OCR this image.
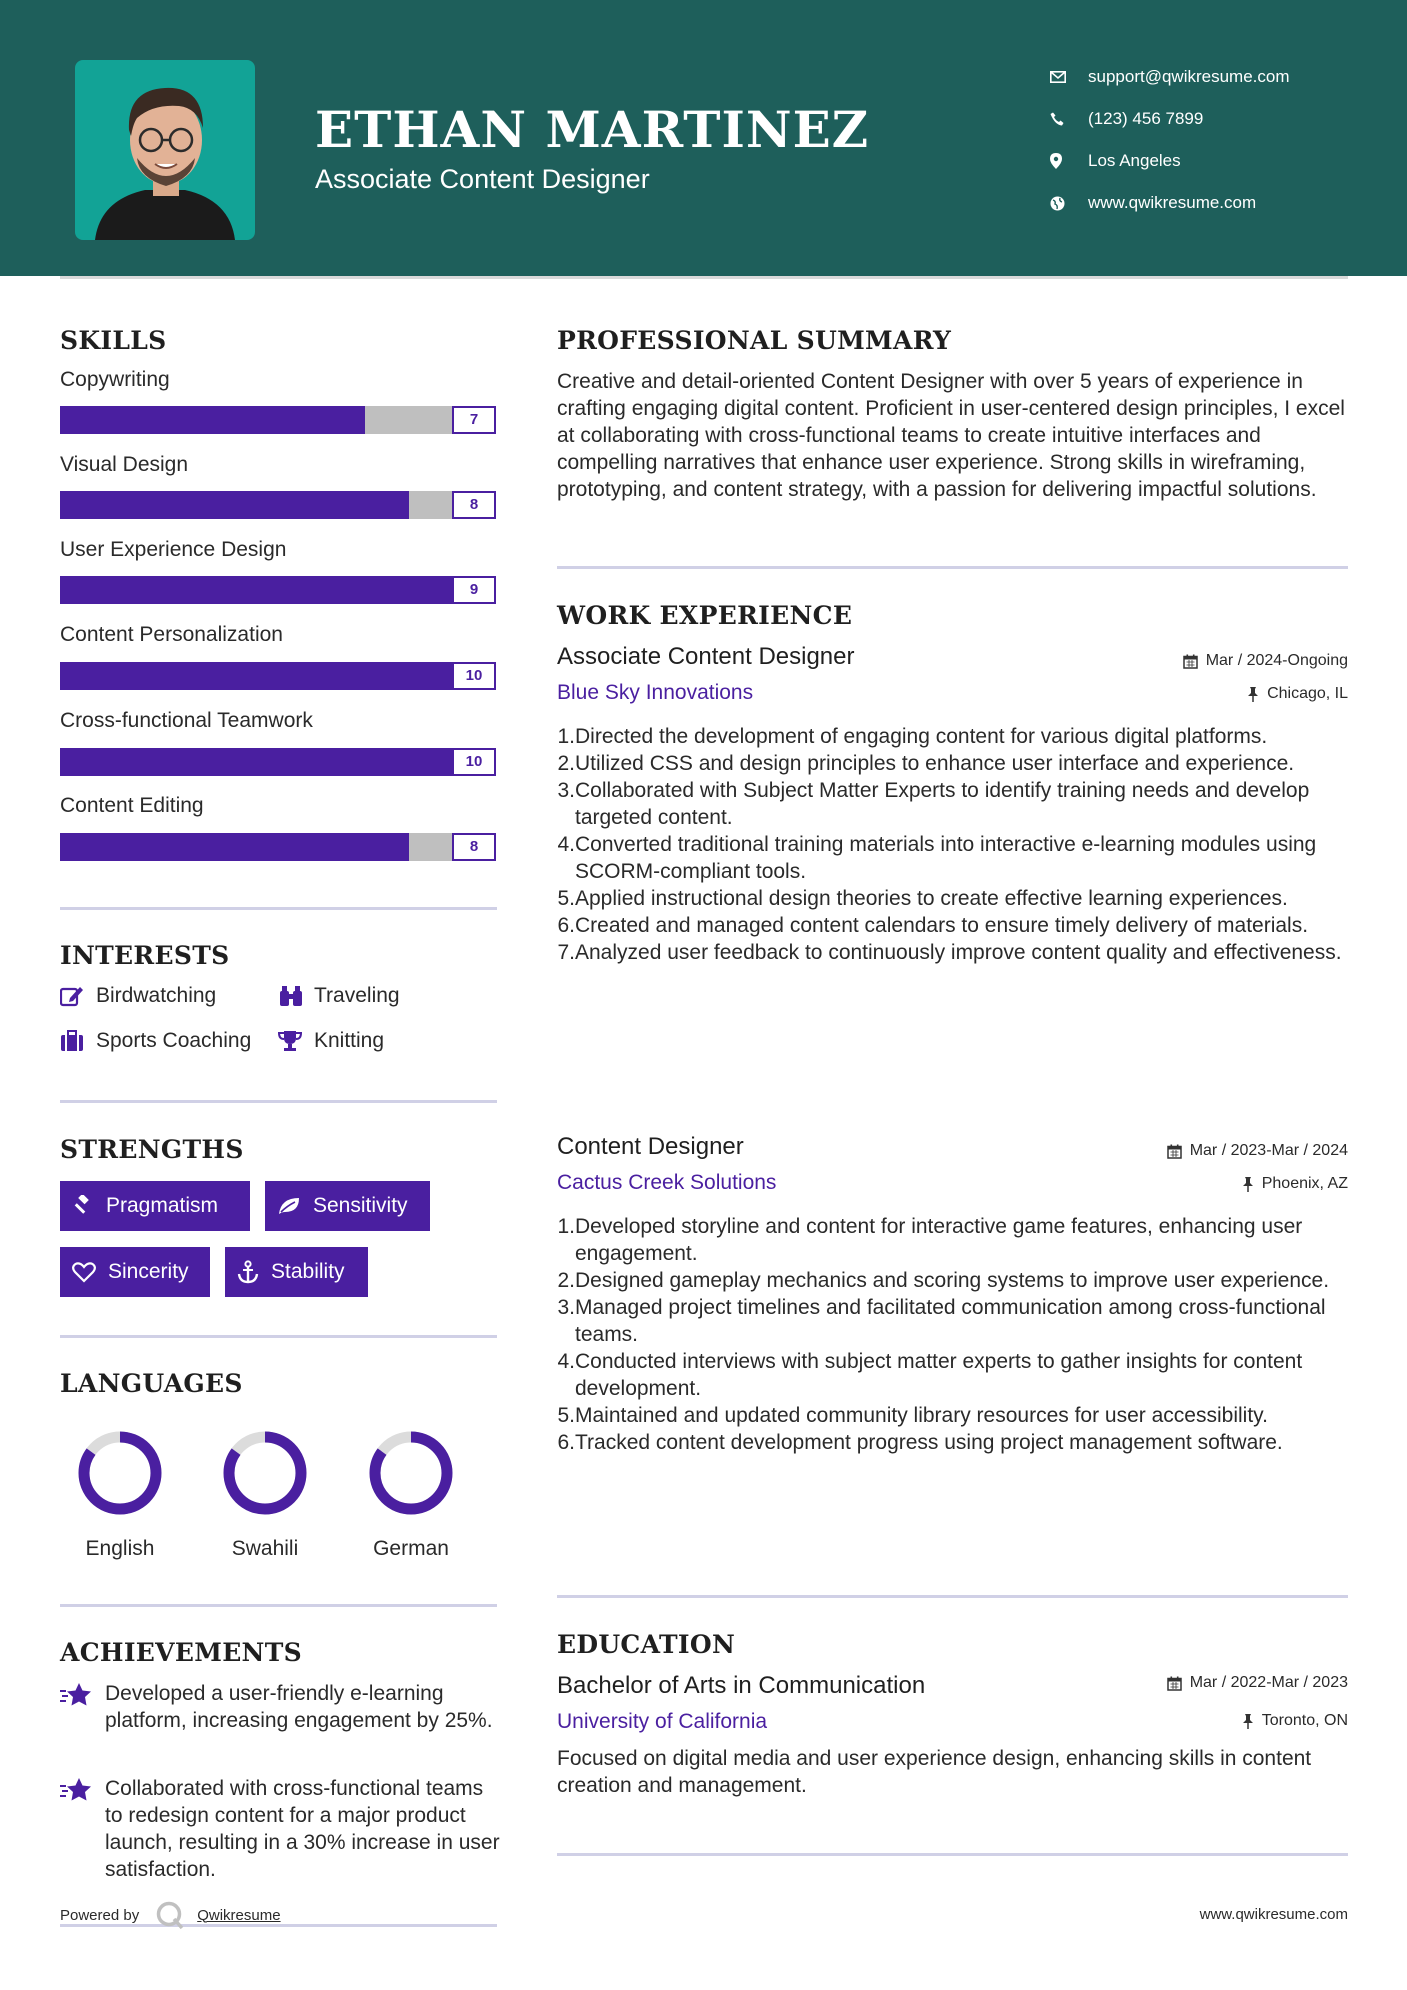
ETHAN MARTINEZ
Associate Content Designer
support@qwikresume.com
(123) 456 7899
Los Angeles
www.qwikresume.com
SKILLS
Copywriting
7
Visual Design
8
User Experience Design
9
Content Personalization
10
Cross-functional Teamwork
10
Content Editing
8
INTERESTS
Birdwatching	Traveling
Sports Coaching	Knitting
STRENGTHS
Pragmatism	Sensitivity
Sincerity	Stability
LANGUAGES
English	Swahili	German
ACHIEVEMENTS
Developed a user-friendly e-learning platform, increasing engagement by 25%.
Collaborated with cross-functional teams to redesign content for a major product launch, resulting in a 30% increase in user satisfaction.
PROFESSIONAL SUMMARY
Creative and detail-oriented Content Designer with over 5 years of experience in crafting engaging digital content. Proficient in user-centered design principles, I excel at collaborating with cross-functional teams to create intuitive interfaces and compelling narratives that enhance user experience. Strong skills in wireframing, prototyping, and content strategy, with a passion for delivering impactful solutions.
WORK EXPERIENCE
Associate Content Designer	Mar / 2024-Ongoing
Blue Sky Innovations	Chicago, IL
1. Directed the development of engaging content for various digital platforms.
2. Utilized CSS and design principles to enhance user interface and experience.
3. Collaborated with Subject Matter Experts to identify training needs and develop targeted content.
4. Converted traditional training materials into interactive e-learning modules using SCORM-compliant tools.
5. Applied instructional design theories to create effective learning experiences.
6. Created and managed content calendars to ensure timely delivery of materials.
7. Analyzed user feedback to continuously improve content quality and effectiveness.
Content Designer	Mar / 2023-Mar / 2024
Cactus Creek Solutions	Phoenix, AZ
1. Developed storyline and content for interactive game features, enhancing user engagement.
2. Designed gameplay mechanics and scoring systems to improve user experience.
3. Managed project timelines and facilitated communication among cross-functional teams.
4. Conducted interviews with subject matter experts to gather insights for content development.
5. Maintained and updated community library resources for user accessibility.
6. Tracked content development progress using project management software.
EDUCATION
Bachelor of Arts in Communication	Mar / 2022-Mar / 2023
University of California	Toronto, ON
Focused on digital media and user experience design, enhancing skills in content creation and management.
Powered by	Qwikresume	www.qwikresume.com
